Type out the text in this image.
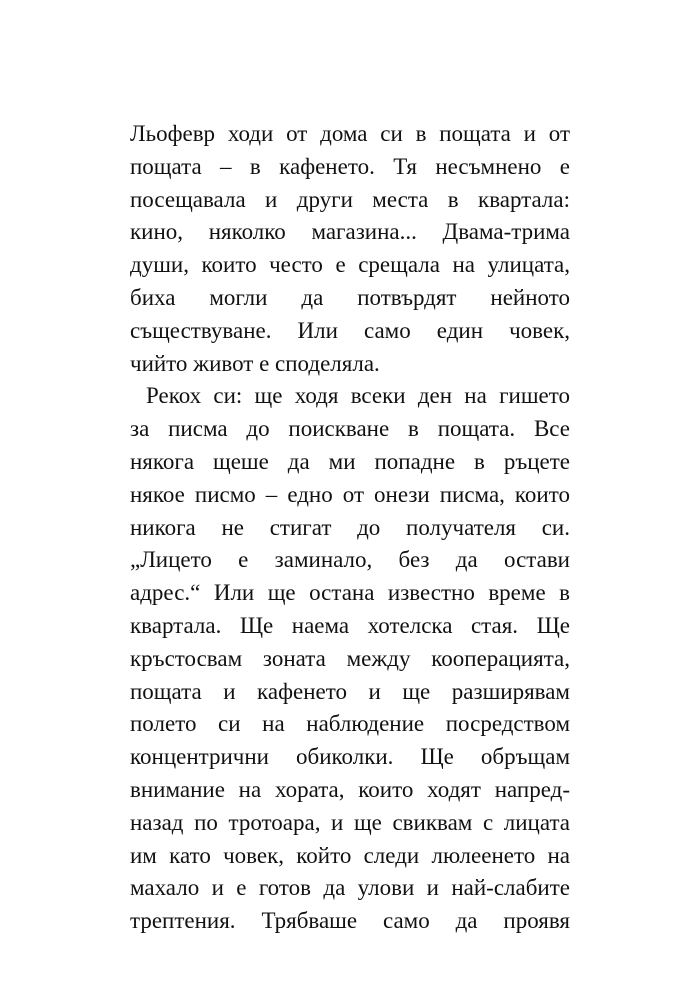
Льофевр ходи от дома си в пощата и от
пощата – в кафенето. Тя несъмнено е
посещавала и други места в квартала:
кино, няколко магазина... Двама-трима
души, които често е срещала на улицата,
биха могли да потвърдят нейното
съществуване. Или само един човек,
чийто живот е споделяла.

Рекох си: ще ходя всеки ден на гишето
за писма до поискване в пощата. Все
някога щеше да ми попадне в ръцете
някое писмо – едно от онези писма, които
никога не стигат до получателя си.
„Лицето е заминало, без да остави
адрес.“ Или ще остана известно време в
квартала. Ще наема хотелска стая. Ще
кръстосвам зоната между кооперацията,
пощата и кафенето и ще разширявам
полето си на наблюдение посредством
концентрични обиколки. Ще обръщам
внимание на хората, които ходят напред-
назад по тротоара, и ще свиквам с лицата
им като човек, който следи люлеенето на
махало и е готов да улови и най-слабите
трептения. Трябваше само да проявя
